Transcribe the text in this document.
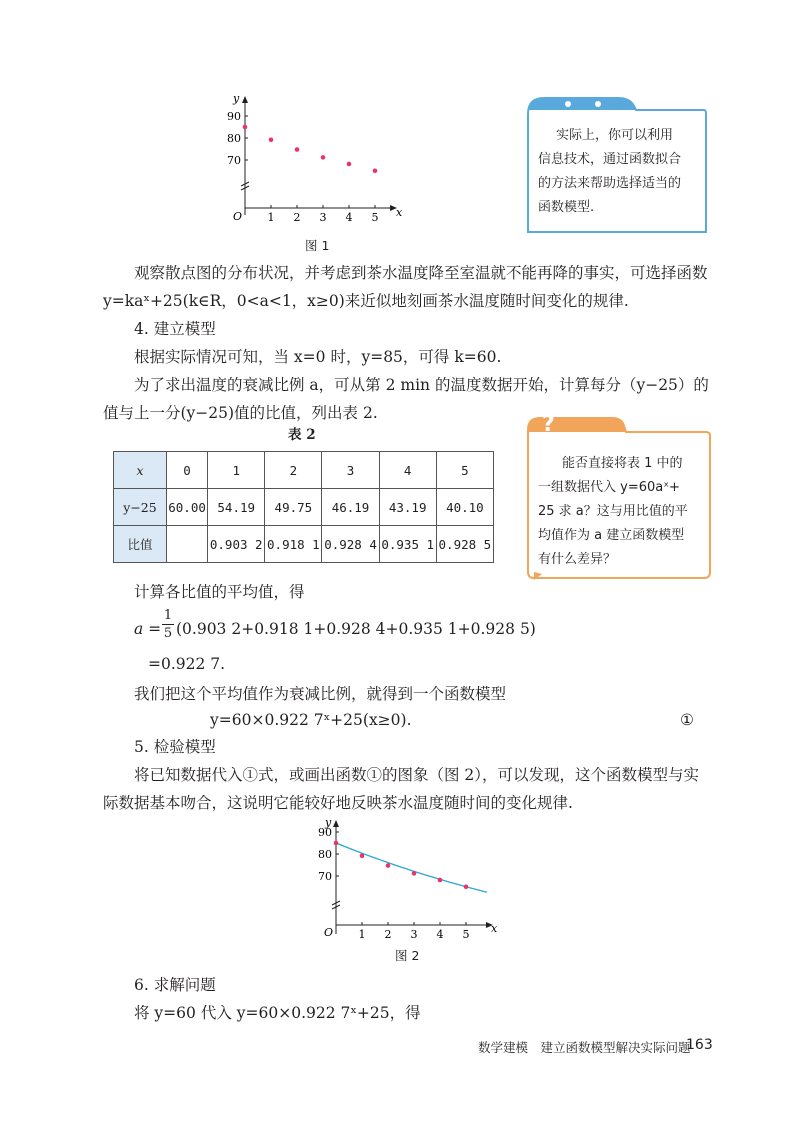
y
x
O
90
80
70
1 2 3 4 5
图 1
实际上，你可以利用
信息技术，通过函数拟合
的方法来帮助选择适当的
函数模型.
观察散点图的分布状况，并考虑到茶水温度降至室温就不能再降的事实，可选择函数
y=kaˣ+25(k∈R，0<a<1，x≥0)来近似地刻画茶水温度随时间变化的规律.
4. 建立模型
根据实际情况可知，当 x=0 时，y=85，可得 k=60.
为了求出温度的衰减比例 a，可从第 2 min 的温度数据开始，计算每分（y−25）的
值与上一分(y−25)值的比值，列出表 2.
表 2
x	0	1	2	3	4	5
y−25	60.00	54.19	49.75	46.19	43.19	40.10
比值		0.903 2	0.918 1	0.928 4	0.935 1	0.928 5
?
能否直接将表 1 中的
一组数据代入 y=60aˣ+
25 求 a？这与用比值的平
均值作为 a 建立函数模型
有什么差异？
计算各比值的平均值，得
a =
1
5 (0.903 2+0.918 1+0.928 4+0.935 1+0.928 5)
=0.922 7.
我们把这个平均值作为衰减比例，就得到一个函数模型
y=60×0.922 7ˣ+25(x≥0).	①
5. 检验模型
将已知数据代入①式，或画出函数①的图象（图 2），可以发现，这个函数模型与实
际数据基本吻合，这说明它能较好地反映茶水温度随时间的变化规律.
y
x
O
90
80
70
1 2 3 4 5
图 2
6. 求解问题
将 y=60 代入 y=60×0.922 7ˣ+25，得
数学建模　建立函数模型解决实际问题
163
